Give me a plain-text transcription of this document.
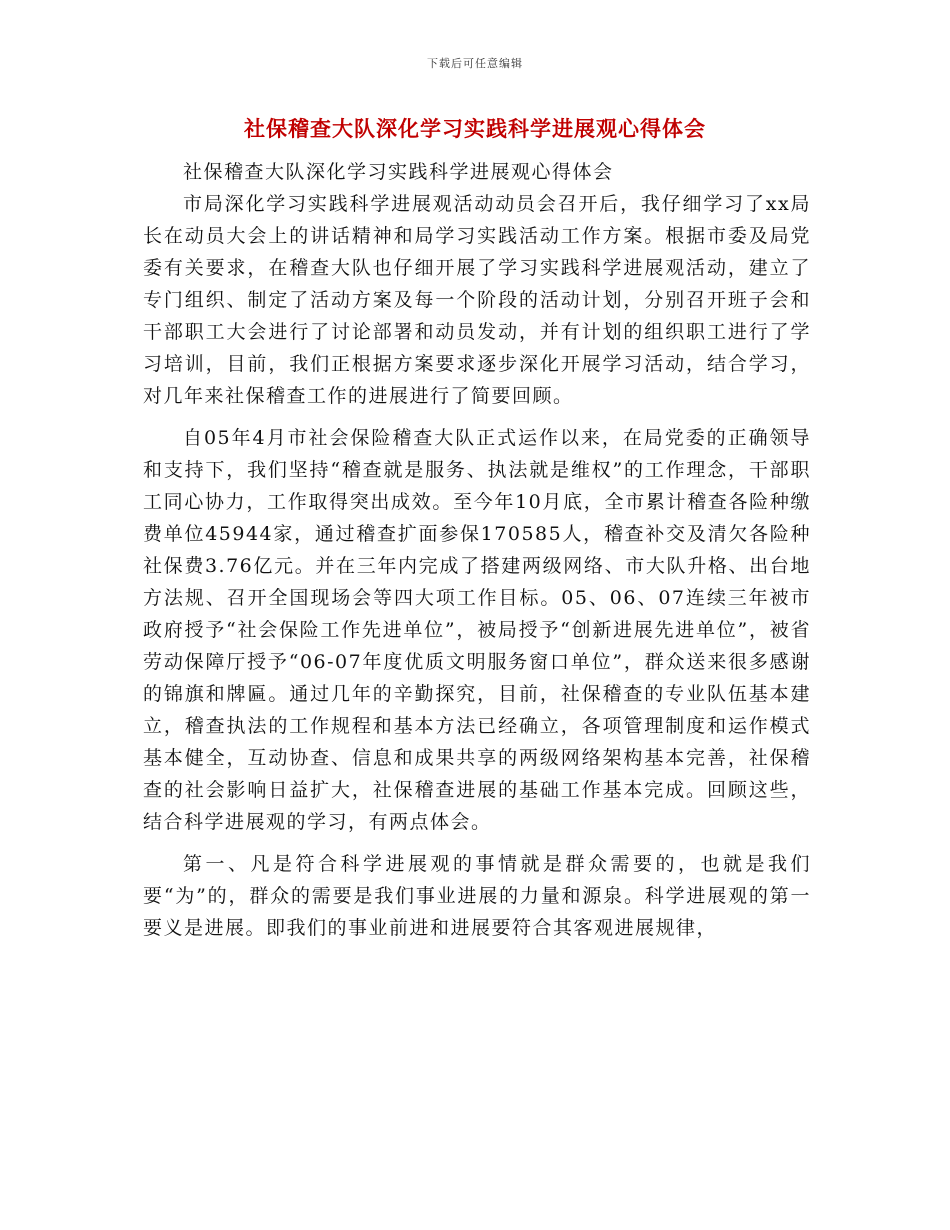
下载后可任意编辑
社保稽查大队深化学习实践科学进展观心得体会

社保稽查大队深化学习实践科学进展观心得体会

市局深化学习实践科学进展观活动动员会召开后，我仔细学习了xx局长在动员大会上的讲话精神和局学习实践活动工作方案。根据市委及局党委有关要求，在稽查大队也仔细开展了学习实践科学进展观活动，建立了专门组织、制定了活动方案及每一个阶段的活动计划，分别召开班子会和干部职工大会进行了讨论部署和动员发动，并有计划的组织职工进行了学习培训，目前，我们正根据方案要求逐步深化开展学习活动，结合学习，对几年来社保稽查工作的进展进行了简要回顾。

自05年4月市社会保险稽查大队正式运作以来，在局党委的正确领导和支持下，我们坚持“稽查就是服务、执法就是维权”的工作理念，干部职工同心协力，工作取得突出成效。至今年10月底，全市累计稽查各险种缴费单位45944家，通过稽查扩面参保170585人，稽查补交及清欠各险种社保费3.76亿元。并在三年内完成了搭建两级网络、市大队升格、出台地方法规、召开全国现场会等四大项工作目标。05、06、07连续三年被市政府授予“社会保险工作先进单位”，被局授予“创新进展先进单位”，被省劳动保障厅授予“06-07年度优质文明服务窗口单位”，群众送来很多感谢的锦旗和牌匾。通过几年的辛勤探究，目前，社保稽查的专业队伍基本建立，稽查执法的工作规程和基本方法已经确立，各项管理制度和运作模式基本健全，互动协查、信息和成果共享的两级网络架构基本完善，社保稽查的社会影响日益扩大，社保稽查进展的基础工作基本完成。回顾这些，结合科学进展观的学习，有两点体会。

第一、凡是符合科学进展观的事情就是群众需要的，也就是我们要“为”的，群众的需要是我们事业进展的力量和源泉。科学进展观的第一要义是进展。即我们的事业前进和进展要符合其客观进展规律，
